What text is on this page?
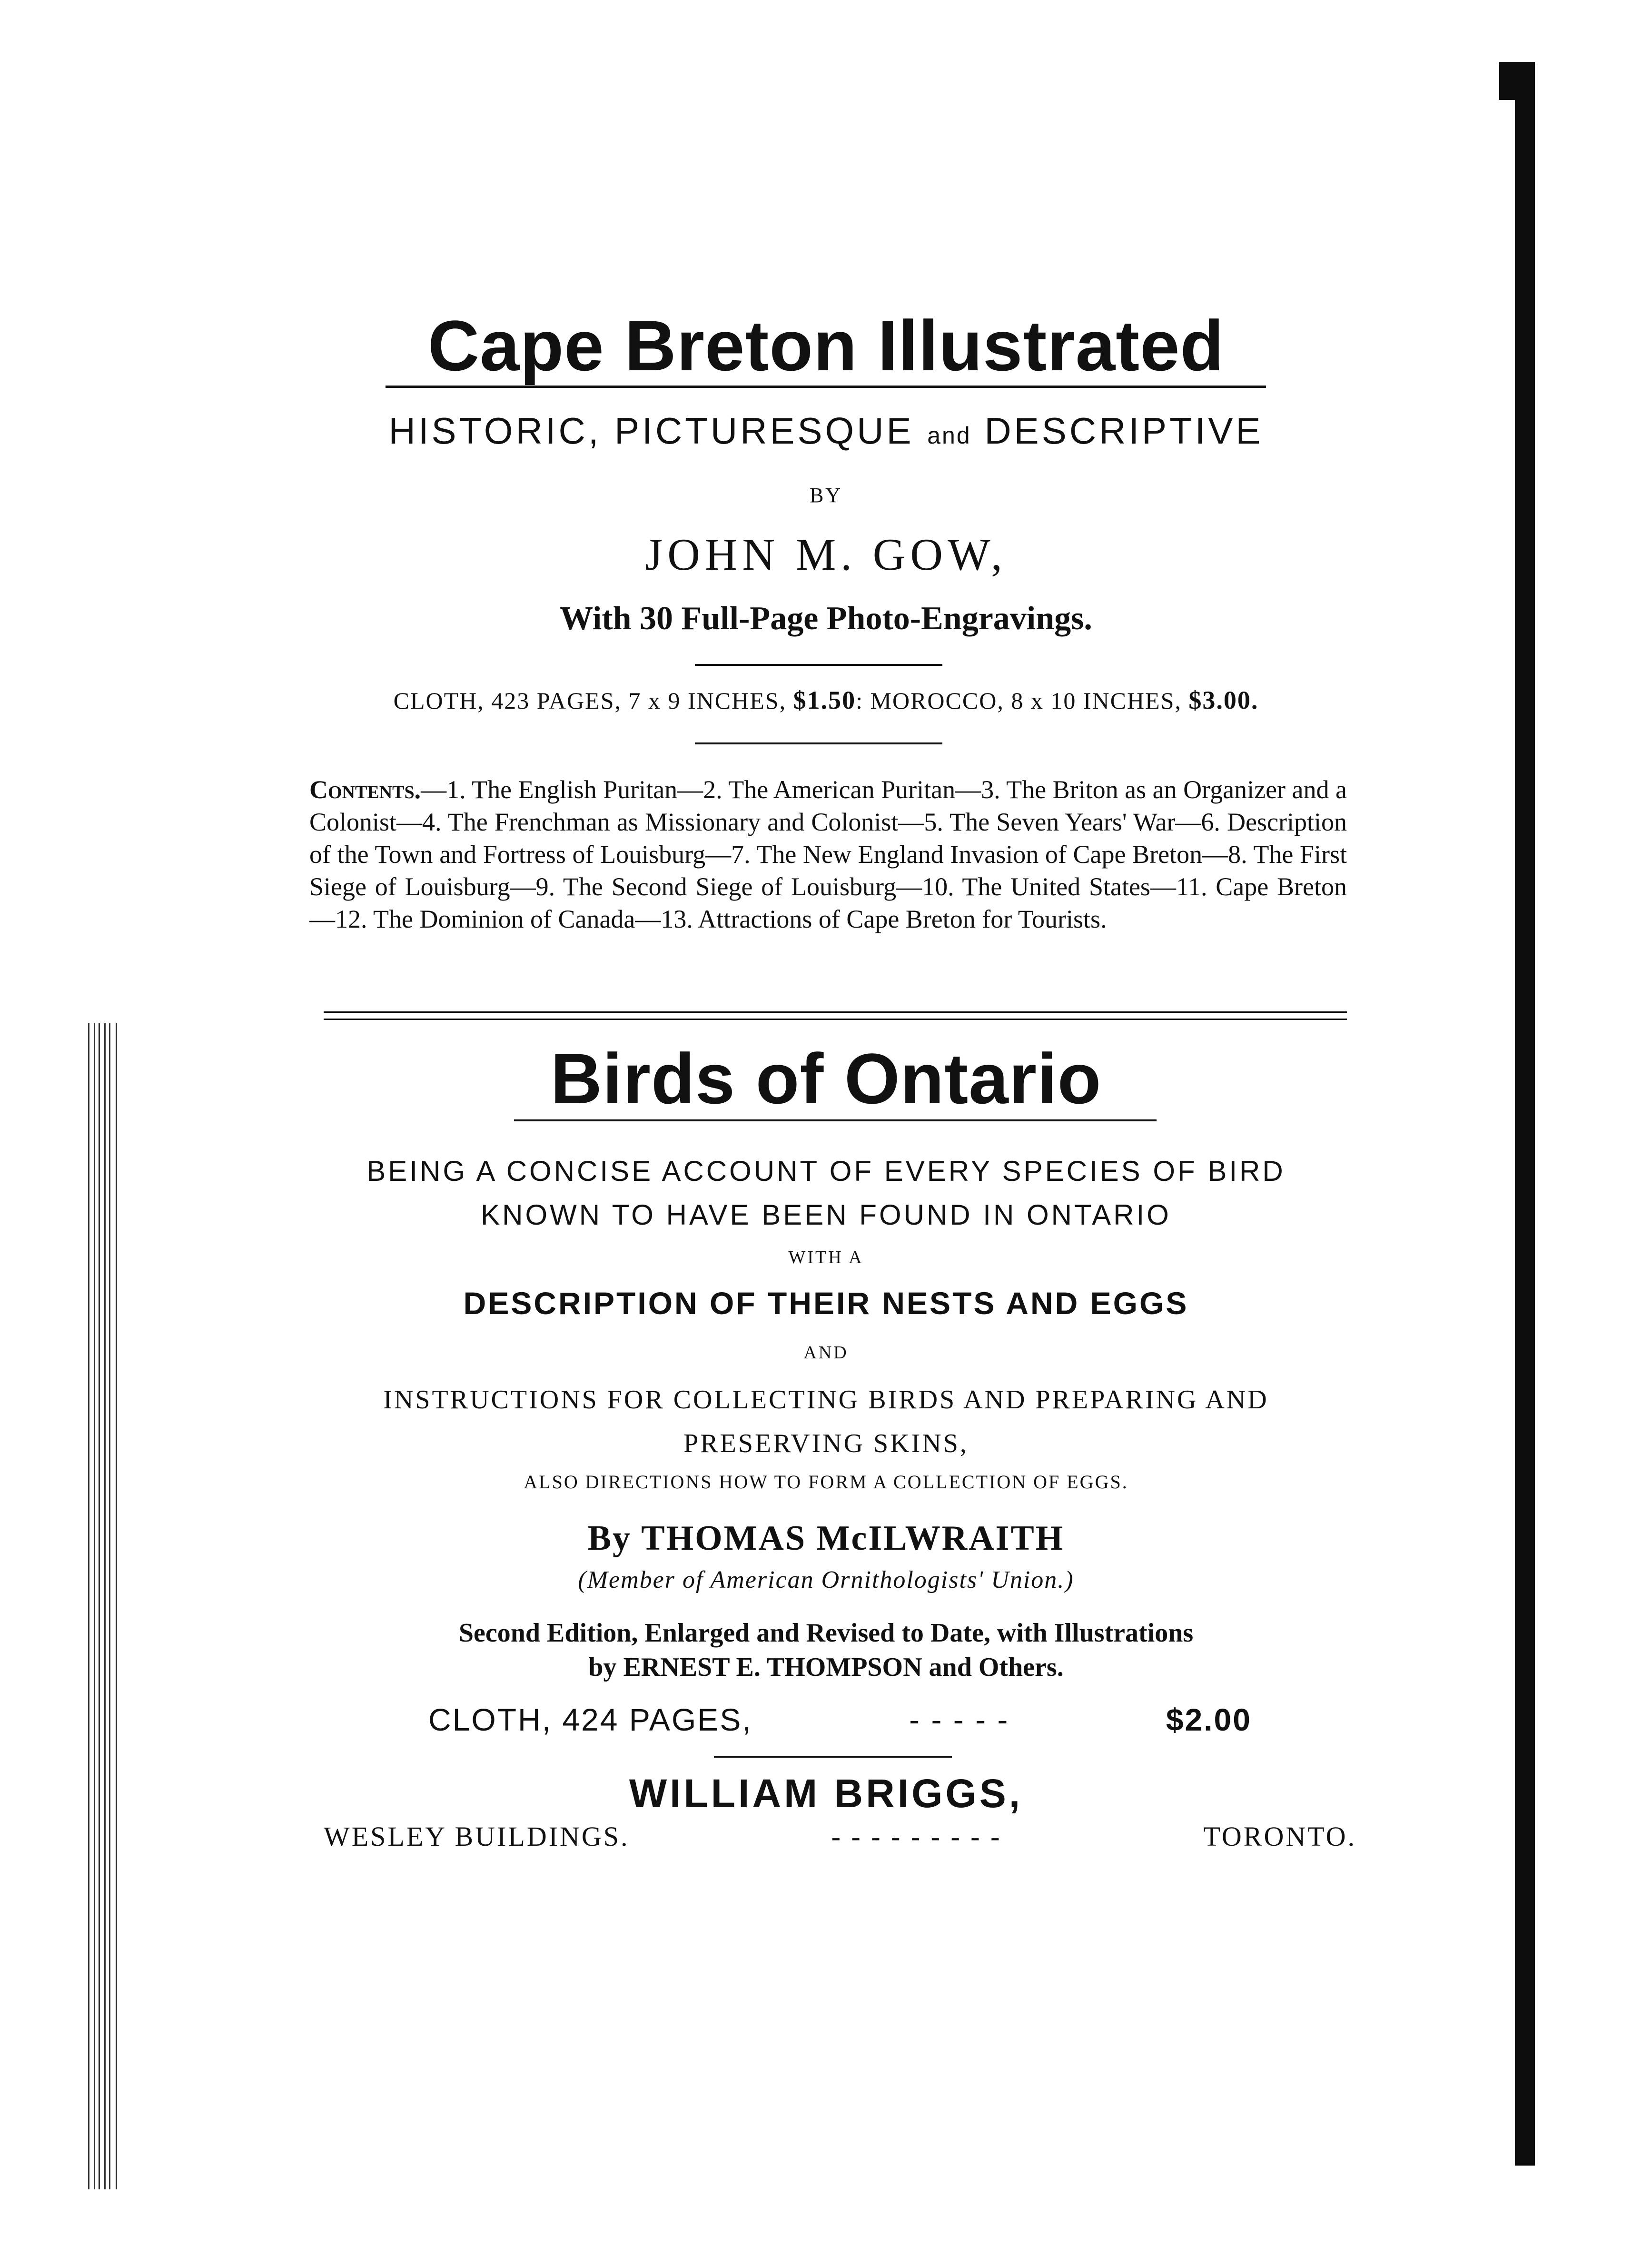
Cape Breton Illustrated
HISTORIC, PICTURESQUE and DESCRIPTIVE
BY
JOHN M. GOW,
With 30 Full-Page Photo-Engravings.
CLOTH, 423 PAGES, 7 x 9 INCHES, $1.50: MOROCCO, 8 x 10 INCHES, $3.00.
Contents.—1. The English Puritan—2. The American Puritan—3. The Briton as an Organizer and a Colonist—4. The Frenchman as Missionary and Colonist—5. The Seven Years' War—6. Description of the Town and Fortress of Louisburg—7. The New England Invasion of Cape Breton—8. The First Siege of Louisburg—9. The Second Siege of Louisburg—10. The United States—11. Cape Breton—12. The Dominion of Canada—13. Attractions of Cape Breton for Tourists.
Birds of Ontario
BEING A CONCISE ACCOUNT OF EVERY SPECIES OF BIRD
KNOWN TO HAVE BEEN FOUND IN ONTARIO
WITH A
DESCRIPTION OF THEIR NESTS AND EGGS
AND
INSTRUCTIONS FOR COLLECTING BIRDS AND PREPARING AND
PRESERVING SKINS,
ALSO DIRECTIONS HOW TO FORM A COLLECTION OF EGGS.
By THOMAS McILWRAITH
(Member of American Ornithologists' Union.)
Second Edition, Enlarged and Revised to Date, with Illustrations
by ERNEST E. THOMPSON and Others.
CLOTH, 424 PAGES,	- - - - -	$2.00
WILLIAM BRIGGS,
WESLEY BUILDINGS.	- - - - - - - - -	TORONTO.
